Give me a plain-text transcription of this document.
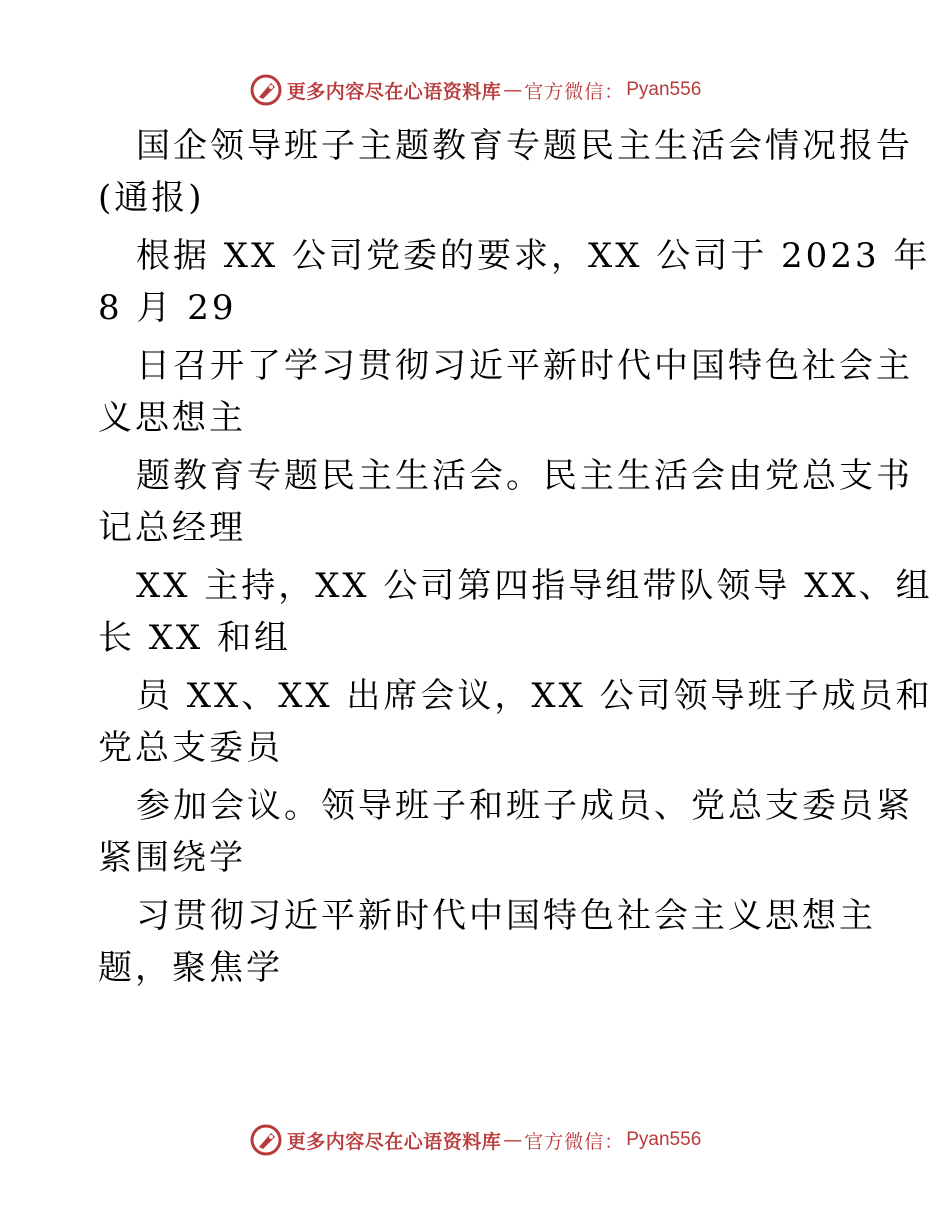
更多内容尽在心语资料库 — 官方微信： Pyan556
国企领导班子主题教育专题民主生活会情况报告
(通报)
根据 XX 公司党委的要求，XX 公司于 2023 年
8 月 29
日召开了学习贯彻习近平新时代中国特色社会主
义思想主
题教育专题民主生活会。民主生活会由党总支书
记总经理
XX 主持，XX 公司第四指导组带队领导 XX、组
长 XX 和组
员 XX、XX 出席会议，XX 公司领导班子成员和
党总支委员
参加会议。领导班子和班子成员、党总支委员紧
紧围绕学
习贯彻习近平新时代中国特色社会主义思想主
题，聚焦学
更多内容尽在心语资料库 — 官方微信： Pyan556
